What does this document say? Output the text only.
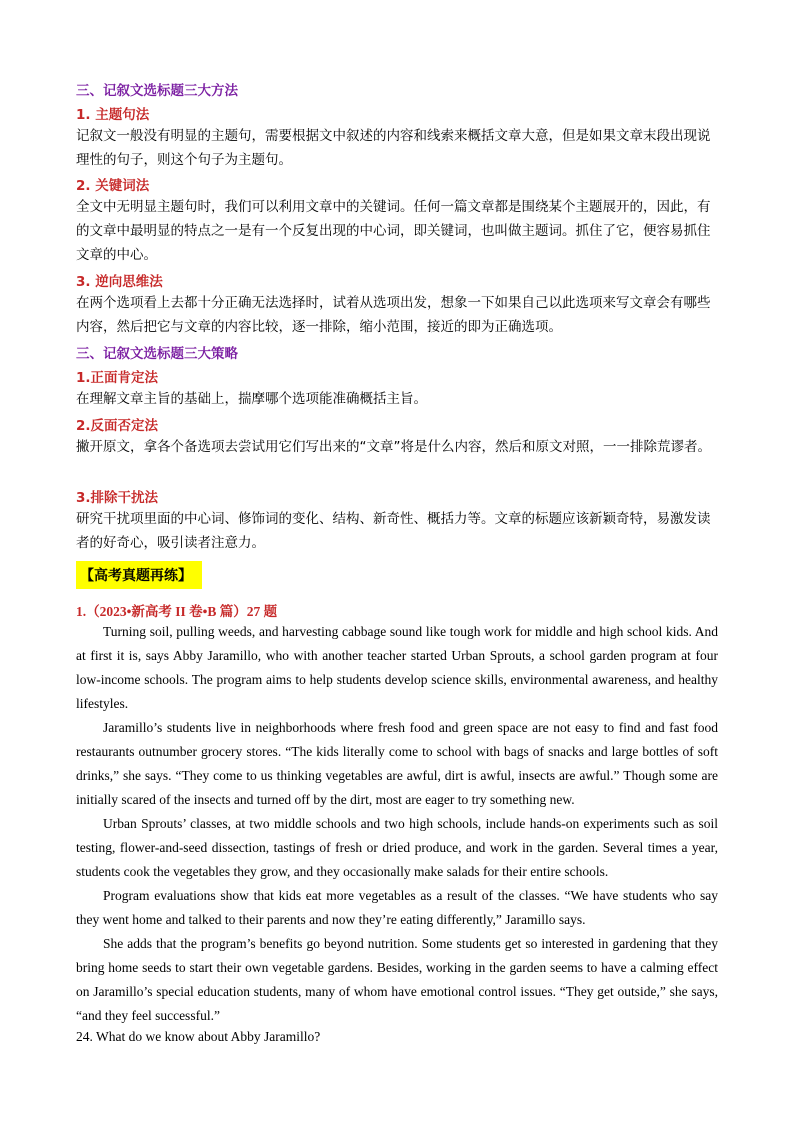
三、记叙文选标题三大方法
1. 主题句法
记叙文一般没有明显的主题句，需要根据文中叙述的内容和线索来概括文章大意，但是如果文章末段出现说理性的句子，则这个句子为主题句。
2. 关键词法
全文中无明显主题句时，我们可以利用文章中的关键词。任何一篇文章都是围绕某个主题展开的，因此，有的文章中最明显的特点之一是有一个反复出现的中心词，即关键词，也叫做主题词。抓住了它，便容易抓住文章的中心。
3. 逆向思维法
在两个选项看上去都十分正确无法选择时，试着从选项出发，想象一下如果自己以此选项来写文章会有哪些内容，然后把它与文章的内容比较，逐一排除，缩小范围，接近的即为正确选项。
三、记叙文选标题三大策略
1.正面肯定法
在理解文章主旨的基础上，揣摩哪个选项能准确概括主旨。
2.反面否定法
撇开原文，拿各个备选项去尝试用它们写出来的“文章”将是什么内容，然后和原文对照，一一排除荒谬者。
3.排除干扰法
研究干扰项里面的中心词、修饰词的变化、结构、新奇性、概括力等。文章的标题应该新颖奇特，易激发读者的好奇心，吸引读者注意力。
【高考真题再练】
1.（2023•新高考 II 卷•B 篇）27 题
Turning soil, pulling weeds, and harvesting cabbage sound like tough work for middle and high school kids. And at first it is, says Abby Jaramillo, who with another teacher started Urban Sprouts, a school garden program at four low-income schools. The program aims to help students develop science skills, environmental awareness, and healthy lifestyles.
Jaramillo’s students live in neighborhoods where fresh food and green space are not easy to find and fast food restaurants outnumber grocery stores. “The kids literally come to school with bags of snacks and large bottles of soft drinks,” she says. “They come to us thinking vegetables are awful, dirt is awful, insects are awful.” Though some are initially scared of the insects and turned off by the dirt, most are eager to try something new.
Urban Sprouts’ classes, at two middle schools and two high schools, include hands-on experiments such as soil testing, flower-and-seed dissection, tastings of fresh or dried produce, and work in the garden. Several times a year, students cook the vegetables they grow, and they occasionally make salads for their entire schools.
Program evaluations show that kids eat more vegetables as a result of the classes. “We have students who say they went home and talked to their parents and now they’re eating differently,” Jaramillo says.
She adds that the program’s benefits go beyond nutrition. Some students get so interested in gardening that they bring home seeds to start their own vegetable gardens. Besides, working in the garden seems to have a calming effect on Jaramillo’s special education students, many of whom have emotional control issues. “They get outside,” she says, “and they feel successful.”
24. What do we know about Abby Jaramillo?
